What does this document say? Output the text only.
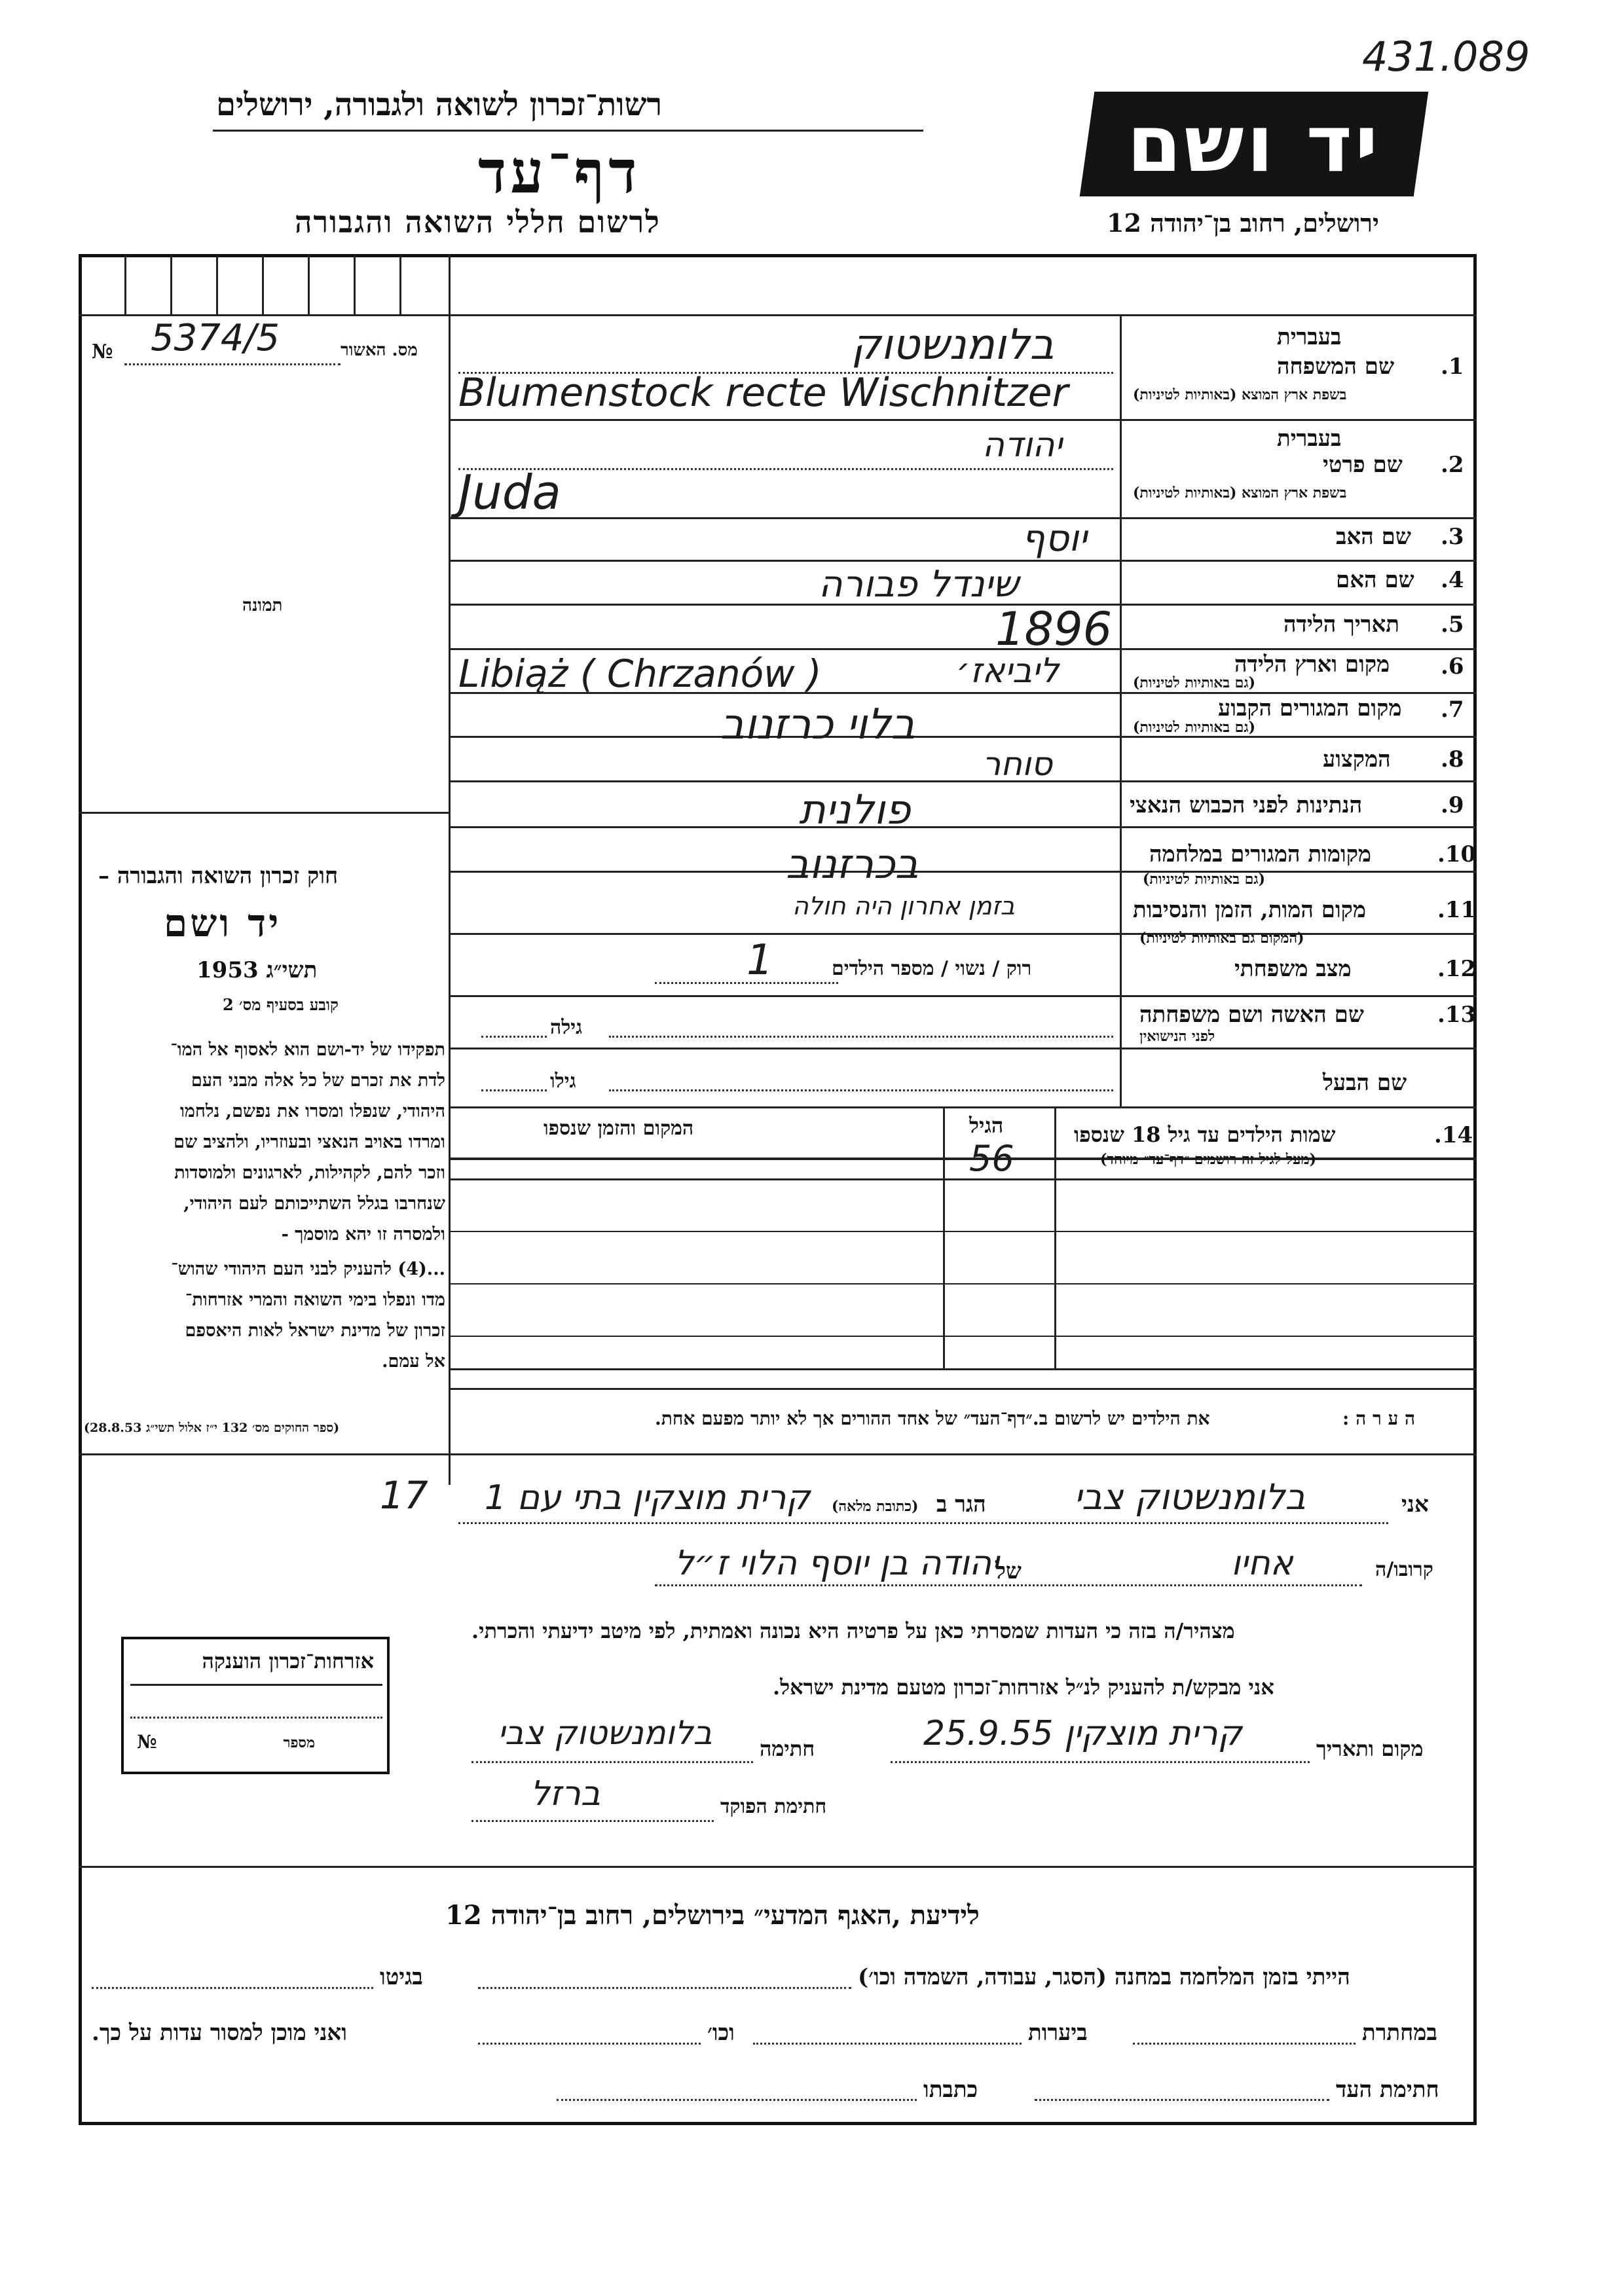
431.089
יד ושם
ירושלים, רחוב בן־יהודה 12
רשות־זכרון לשואה ולגבורה, ירושלים
דף־עד
לרשום חללי השואה והגבורה
מס. האשור
5374/5
№
תמונה
חוק זכרון השואה והגבורה –
יד ושם
תשי״ג 1953
קובע בסעיף מס׳ 2
תפקידו של יד-ושם הוא לאסוף אל המו־
לדת את זכרם של כל אלה מבני העם
היהודי, שנפלו ומסרו את נפשם, נלחמו
ומרדו באויב הנאצי ובעוזריו, ולהציב שם
וזכר להם, לקהילות, לארגונים ולמוסדות
שנחרבו בגלל השתייכותם לעם היהודי,
ולמסרה זו יהא מוסמך -
...(4) להעניק לבני העם היהודי שהוש־
מדו ונפלו בימי השואה והמרי אזרחות־
זכרון של מדינת ישראל לאות היאספם
אל עמם.
(ספר החוקים מס׳ 132 י״ז אלול תשי״ג 28.8.53)
בעברית
1.
שם המשפחה
בשפת ארץ המוצא (באותיות לטיניות)
בלומנשטוק
Blumenstock recte Wischnitzer
בעברית
2.
שם פרטי
בשפת ארץ המוצא (באותיות לטיניות)
יהודה
Juda
3.
שם האב
יוסף
4.
שם האם
שינדל פבורה
5.
תאריך הלידה
1896
6.
מקום וארץ הלידה
(גם באותיות לטיניות)
Libiąż ( Chrzanów )	ליביאז׳
7.
מקום המגורים הקבוע
(גם באותיות לטיניות)
בלוי כרזנוב
8.
המקצוע
סוחר
9.
הנתינות לפני הכבוש הנאצי
פולנית
10.
מקומות המגורים במלחמה
(גם באותיות לטיניות)
בכרזנוב
11.
מקום המות, הזמן והנסיבות
(המקום גם באותיות לטיניות)
בזמן אחרון היה חולה
12.
מצב משפחתי
רוק / נשוי / מספר הילדים
1
13.
שם האשה ושם משפחתה
לפני הנישואין
גילה
שם הבעל
גילו
14.
שמות הילדים עד גיל 18 שנספו
(מעל לגיל זה רושמים ״דף־עד״ מיוחד)
הגיל
56
המקום והזמן שנספו
ה ע ר ה :
את הילדים יש לרשום ב.״דף־העד״ של אחד ההורים אך לא יותר מפעם אחת.
אני
בלומנשטוק צבי
הגר ב
(כתובת מלאה)
קרית מוצקין בתי עם 1
17
קרובו/ה
אחיו
של
יהודה בן יוסף הלוי ז״ל
מצהיר/ה בזה כי העדות שמסרתי כאן על פרטיה היא נכונה ואמתית, לפי מיטב ידיעתי והכרתי.
אני מבקש/ת להעניק לנ״ל אזרחות־זכרון מטעם מדינת ישראל.
מקום ותאריך
קרית מוצקין 25.9.55
חתימה
בלומנשטוק צבי
חתימת הפוקד
ברזל
אזרחות־זכרון הוענקה
מספר
№
לידיעת ,האגף המדעי״ בירושלים, רחוב בן־יהודה 12
הייתי בזמן המלחמה במחנה (הסגר, עבודה, השמדה וכו׳)
בגיטו
במחתרת
ביערות
וכו׳
ואני מוכן למסור עדות על כך.
חתימת העד
כתבתו
